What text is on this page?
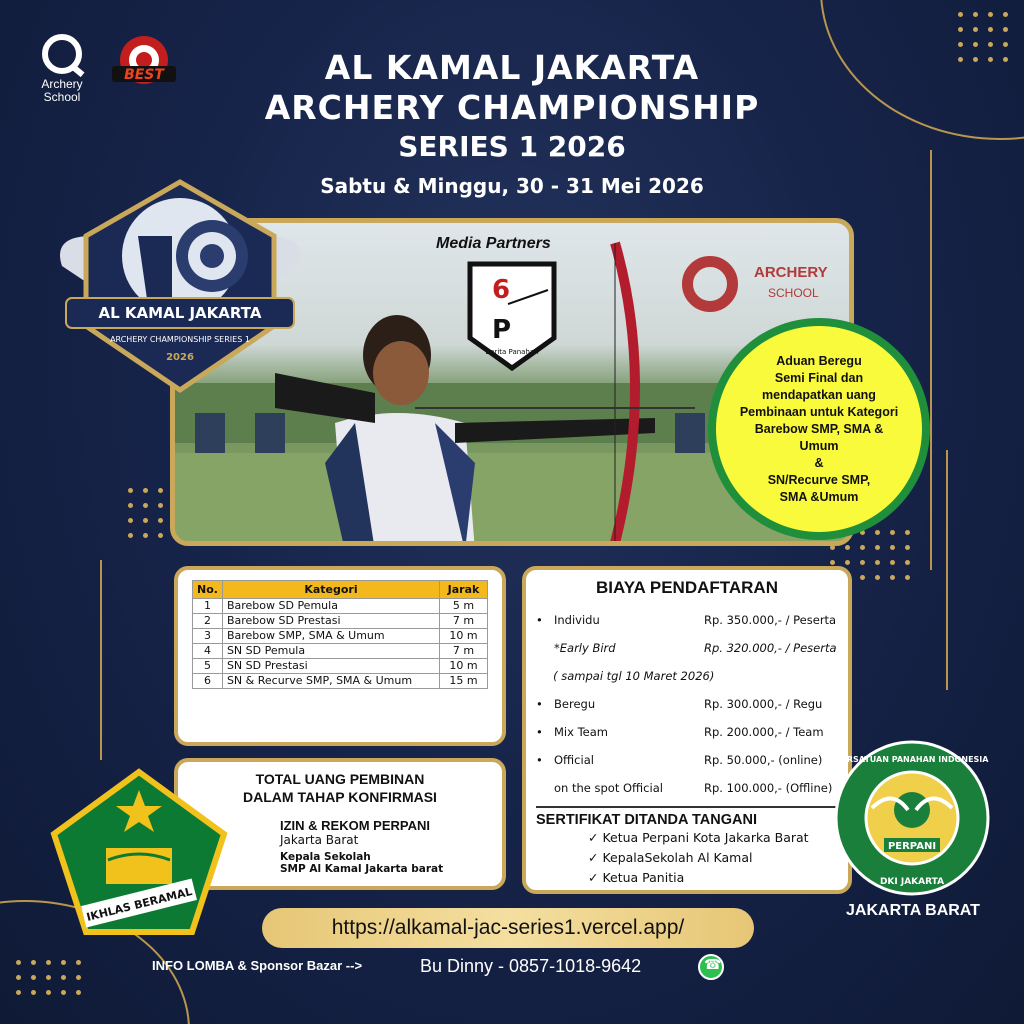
Archery School
BEST	AL KAMAL JAKARTA
ARCHERY CHAMPIONSHIP
SERIES 1 2026
Sabtu & Minggu, 30 - 31 Mei 2026
AL KAMAL JAKARTA
ARCHERY CHAMPIONSHIP SERIES 1
2026
Media Partners
6
P
Berita Panahan
ARCHERY
SCHOOL
Aduan Beregu
Semi Final dan
mendapatkan uang
Pembinaan untuk Kategori
Barebow SMP, SMA &
Umum
&
SN/Recurve SMP,
SMA &Umum
No.	Kategori	Jarak
1	Barebow SD Pemula	5 m
2	Barebow SD Prestasi	7 m
3	Barebow SMP, SMA & Umum	10 m
4	SN SD Pemula	7 m
5	SN SD Prestasi	10 m
6	SN & Recurve SMP, SMA & Umum	15 m
TOTAL UANG PEMBINAN
DALAM TAHAP KONFIRMASI
IZIN & REKOM PERPANI
Jakarta Barat
Kepala Sekolah
SMP Al Kamal Jakarta barat
BIAYA PENDAFTARAN
• Individu	Rp. 350.000,- / Peserta
*Early Bird	Rp. 320.000,- / Peserta
( sampai tgl 10 Maret 2026)
• Beregu	Rp. 300.000,- / Regu
• Mix Team	Rp. 200.000,- / Team
• Official	Rp. 50.000,- (online)
on the spot Official	Rp. 100.000,- (Offline)
SERTIFIKAT DITANDA TANGANI
✓ Ketua Perpani Kota Jakarka Barat
✓ KepalaSekolah Al Kamal
✓ Ketua Panitia
IKHLAS BERAMAL
PERPANI
PERSATUAN PANAHAN INDONESIA
DKI JAKARTA
JAKARTA BARAT
https://alkamal-jac-series1.vercel.app/
INFO LOMBA & Sponsor Bazar -->	Bu Dinny - 0857-1018-9642
☎
